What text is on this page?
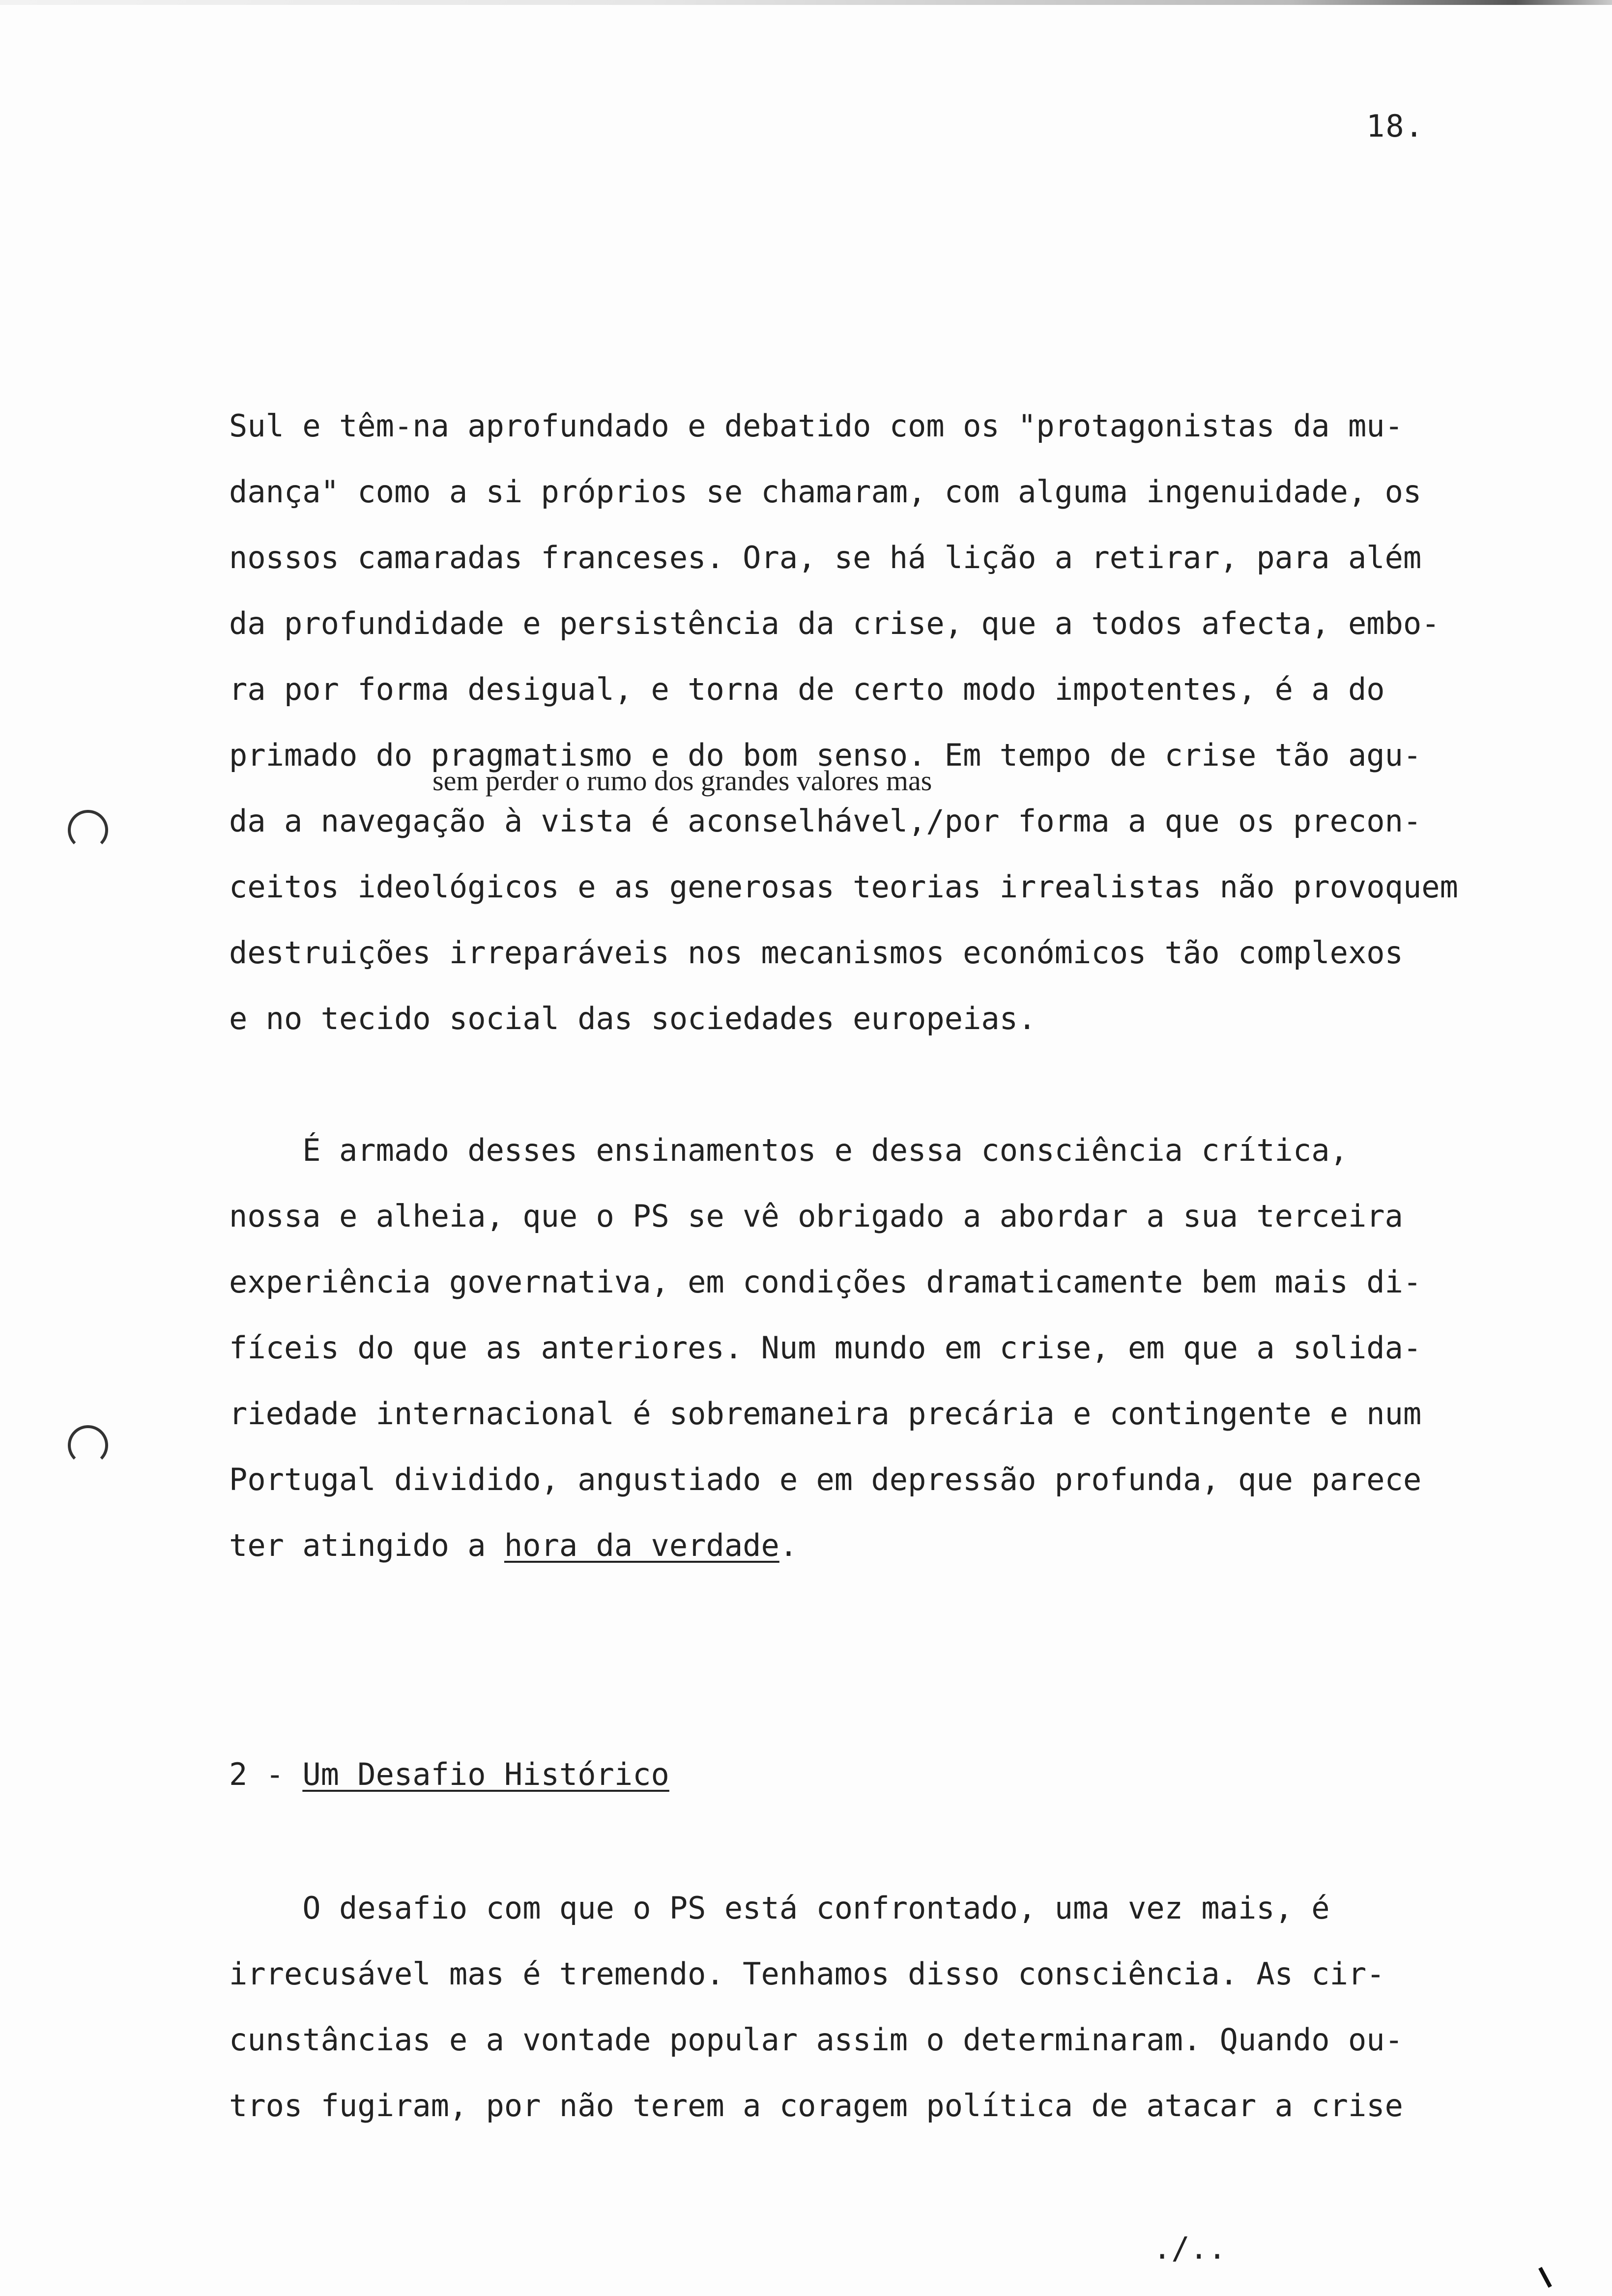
18.
Sul e têm-na aprofundado e debatido com os "protagonistas da mu-
dança" como a si próprios se chamaram, com alguma ingenuidade, os
nossos camaradas franceses. Ora, se há lição a retirar, para além
da profundidade e persistência da crise, que a todos afecta, embo-
ra por forma desigual, e torna de certo modo impotentes, é a do
primado do pragmatismo e do bom senso. Em tempo de crise tão agu-
da a navegação à vista é aconselhável,/por forma a que os precon-
ceitos ideológicos e as generosas teorias irrealistas não provoquem
destruições irreparáveis nos mecanismos económicos tão complexos
e no tecido social das sociedades europeias.
sem perder o rumo dos grandes valores mas
É armado desses ensinamentos e dessa consciência crítica,
nossa e alheia, que o PS se vê obrigado a abordar a sua terceira
experiência governativa, em condições dramaticamente bem mais di-
fíceis do que as anteriores. Num mundo em crise, em que a solida-
riedade internacional é sobremaneira precária e contingente e num
Portugal dividido, angustiado e em depressão profunda, que parece
ter atingido a hora da verdade.
2 - Um Desafio Histórico
O desafio com que o PS está confrontado, uma vez mais, é
irrecusável mas é tremendo. Tenhamos disso consciência. As cir-
cunstâncias e a vontade popular assim o determinaram. Quando ou-
tros fugiram, por não terem a coragem política de atacar a crise
./..
